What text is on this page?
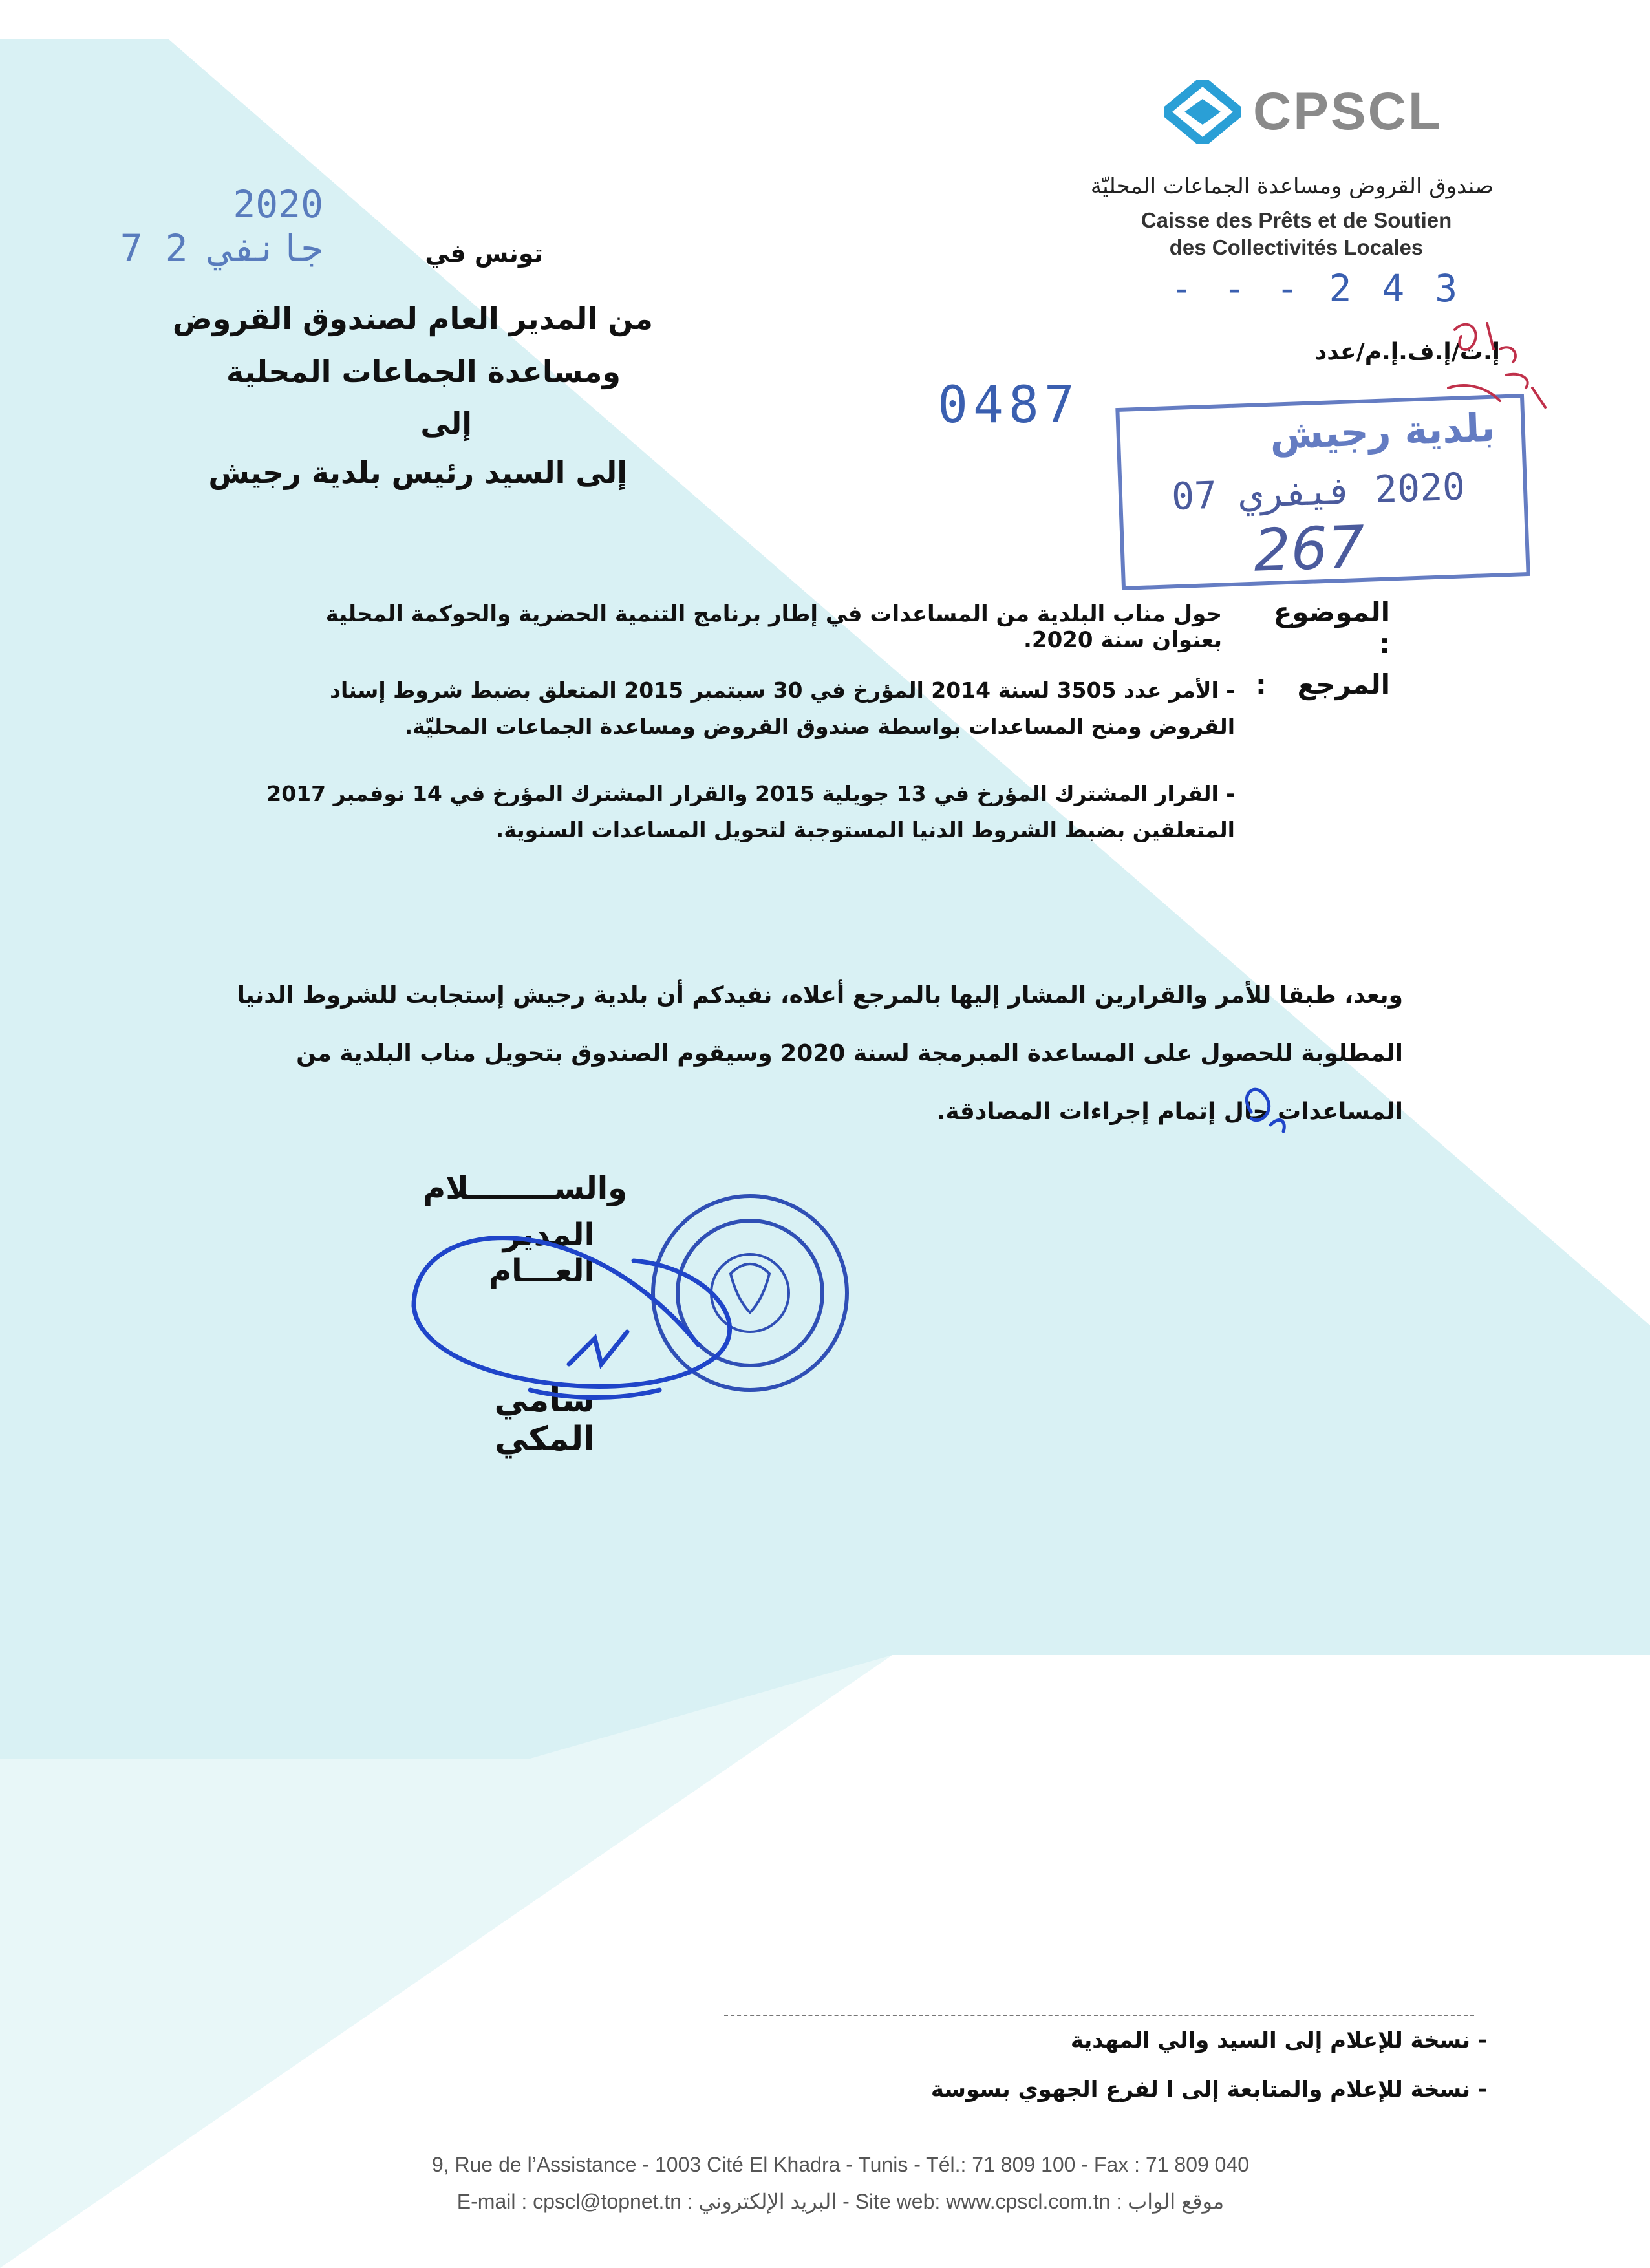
CPSCL
صندوق القروض ومساعدة الجماعات المحليّة
Caisse des Prêts et de Soutien
des Collectivités Locales
- - - 2 4 3
إ.ت/إ.ف.إ.م/عدد
2020 جانفي 2 7
0487	بلدية رجيش
2020 فيفري 07
267
تونس في
من المدير العام لصندوق القروض
ومساعدة الجماعات المحلية
إلى
إلى السيد رئيس بلدية رجيش
الموضوع :
حول مناب البلدية من المساعدات في إطار برنامج التنمية الحضرية والحوكمة المحلية بعنوان سنة 2020.
المرجع
:
- الأمر عدد 3505 لسنة 2014 المؤرخ في 30 سبتمبر 2015 المتعلق بضبط شروط إسناد القروض ومنح المساعدات بواسطة صندوق القروض ومساعدة الجماعات المحليّة.
- القرار المشترك المؤرخ في 13 جويلية 2015 والقرار المشترك المؤرخ في 14 نوفمبر 2017 المتعلقين بضبط الشروط الدنيا المستوجبة لتحويل المساعدات السنوية.
وبعد، طبقا للأمر والقرارين المشار إليها بالمرجع أعلاه، نفيدكم أن بلدية رجيش إستجابت للشروط الدنيا المطلوبة للحصول على المساعدة المبرمجة لسنة 2020 وسيقوم الصندوق بتحويل مناب البلدية من المساعدات حال إتمام إجراءات المصادقة.
والســــــــلام
المدير العـــام
سامي المكي
- نسخة للإعلام إلى السيد والي المهدية
- نسخة للإعلام والمتابعة إلى ا لفرع الجهوي بسوسة
9, Rue de l’Assistance - 1003 Cité El Khadra - Tunis - Tél.: 71 809 100 - Fax : 71 809 040
E-mail : cpscl@topnet.tn : البريد الإلكتروني - Site web: www.cpscl.com.tn : موقع الواب
